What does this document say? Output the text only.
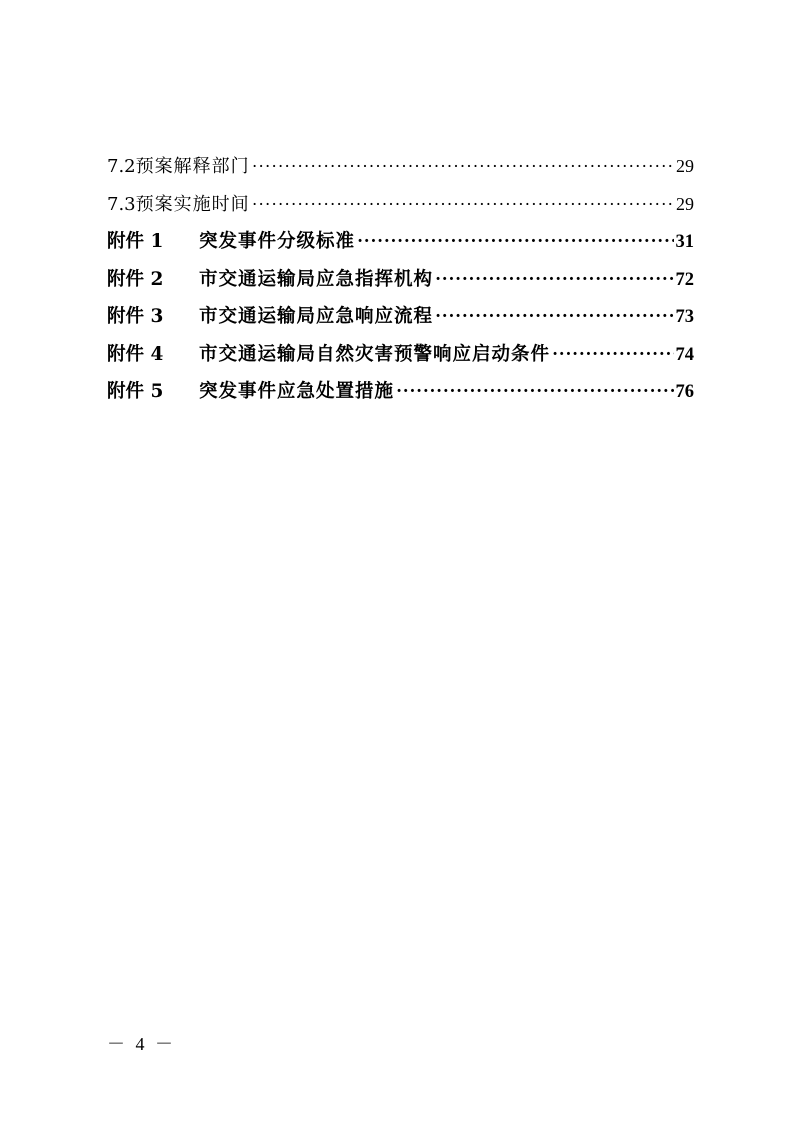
7.2 预案解释部门 ·····	29
7.3 预案实施时间 ·····	29
附件 1	突发事件分级标准 ·····	31
附件 2	市交通运输局应急指挥机构 ·····	72
附件 3	市交通运输局应急响应流程 ·····	73
附件 4	市交通运输局自然灾害预警响应启动条件 ·····	74
附件 5	突发事件应急处置措施 ·····	76
－ 4 －
